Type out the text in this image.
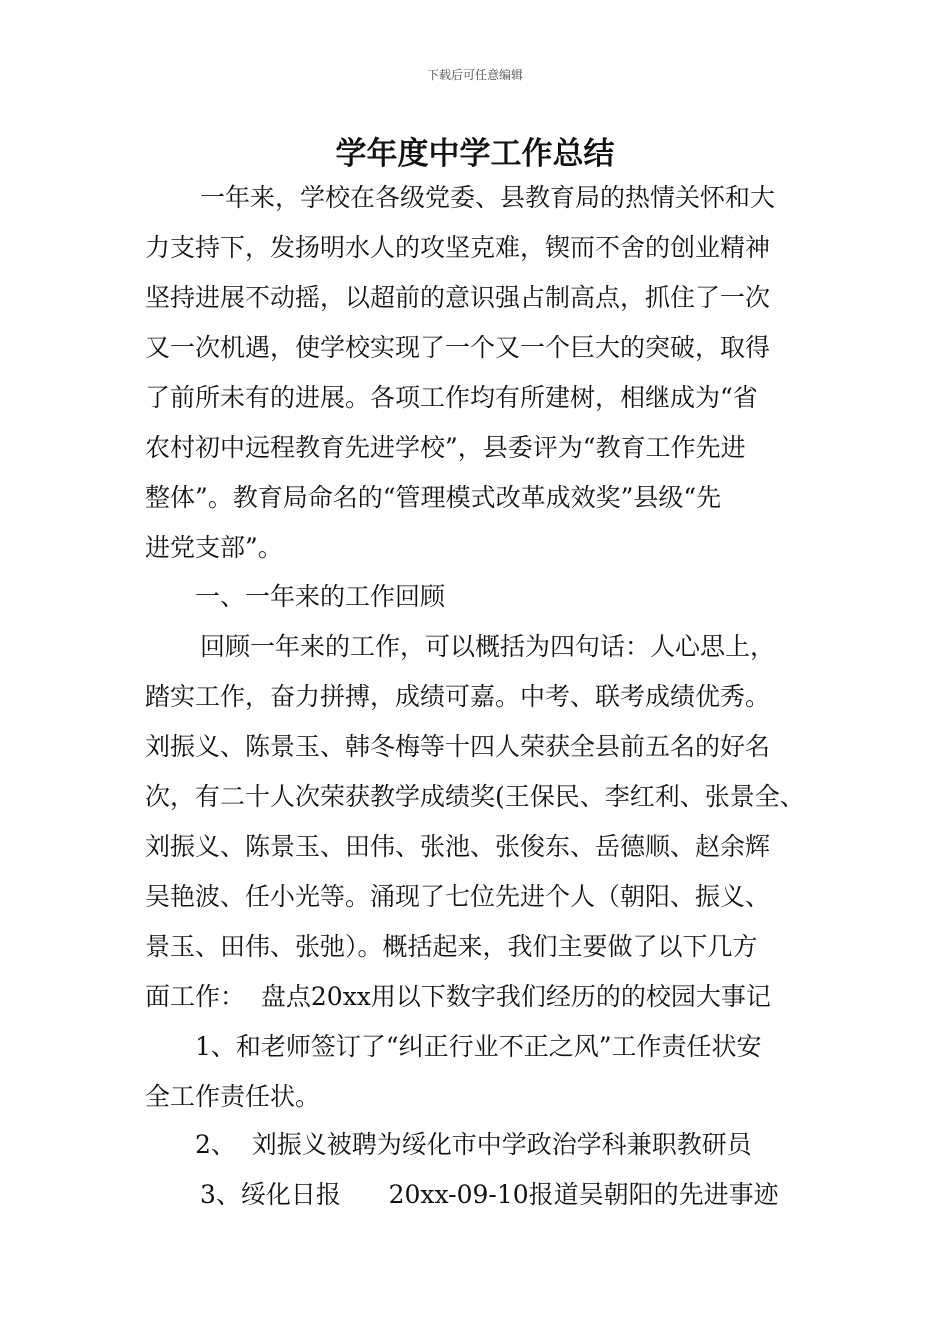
下载后可任意编辑
学年度中学工作总结
一年来，学校在各级党委、县教育局的热情关怀和大
力支持下，发扬明水人的攻坚克难，锲而不舍的创业精神
坚持进展不动摇，以超前的意识强占制高点，抓住了一次
又一次机遇，使学校实现了一个又一个巨大的突破，取得
了前所未有的进展。各项工作均有所建树，相继成为“省
农村初中远程教育先进学校”，县委评为“教育工作先进
整体”。教育局命名的“管理模式改革成效奖”县级“先
进党支部”。
一、一年来的工作回顾
回顾一年来的工作，可以概括为四句话：人心思上，
踏实工作，奋力拼搏，成绩可嘉。中考、联考成绩优秀。
刘振义、陈景玉、韩冬梅等十四人荣获全县前五名的好名
次，有二十人次荣获教学成绩奖(王保民、李红利、张景全、
刘振义、陈景玉、田伟、张池、张俊东、岳德顺、赵余辉
吴艳波、任小光等。涌现了七位先进个人（朝阳、振义、
景玉、田伟、张弛）。概括起来，我们主要做了以下几方
面工作：  盘点20xx用以下数字我们经历的的校园大事记
1、和老师签订了“纠正行业不正之风”工作责任状安
全工作责任状。
2、  刘振义被聘为绥化市中学政治学科兼职教研员
3、绥化日报      20xx-09-10报道吴朝阳的先进事迹
